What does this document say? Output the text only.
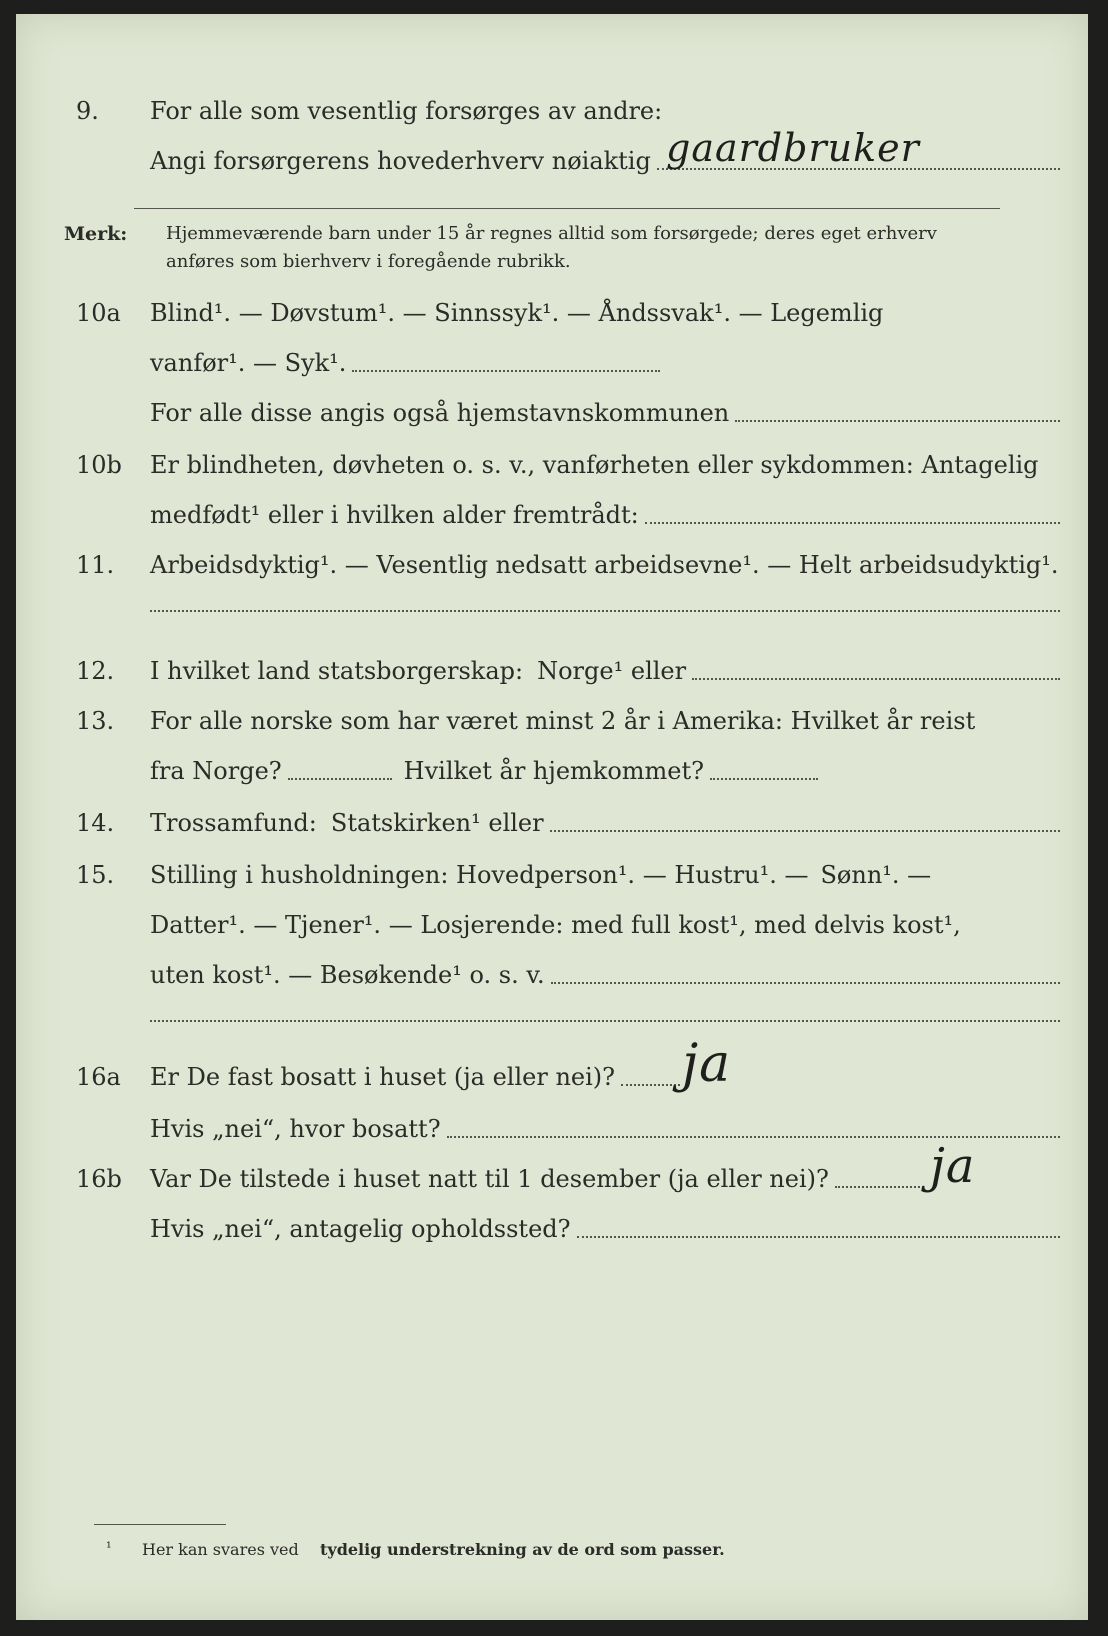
9. For alle som vesentlig forsørges av andre:
Angi forsørgerens hovederhverv nøiaktig gaardbruker
Merk: Hjemmeværende barn under 15 år regnes alltid som forsørgede; deres eget erhverv
anføres som bierhverv i foregående rubrikk.
10a Blind¹. — Døvstum¹. — Sinnssyk¹. — Åndssvak¹. — Legemlig
vanfør¹. — Syk¹.
For alle disse angis også hjemstavnskommunen
10b Er blindheten, døvheten o. s. v., vanførheten eller sykdommen: Antagelig
medfødt¹ eller i hvilken alder fremtrådt:
11. Arbeidsdyktig¹. — Vesentlig nedsatt arbeidsevne¹. — Helt arbeidsudyktig¹.
12. I hvilket land statsborgerskap: Norge ¹ eller
13. For alle norske som har været minst 2 år i Amerika: Hvilket år reist
fra Norge?	Hvilket år hjemkommet?
14. Trossamfund: Statskirken ¹ eller
15. Stilling i husholdningen: Hovedperson¹. — Hustru¹. — Sønn ¹. —
Datter¹. — Tjener¹. — Losjerende: med full kost¹, med delvis kost¹,
uten kost¹. — Besøkende¹ o. s. v.
16a Er De fast bosatt i huset (ja eller nei)? ja
Hvis „nei“, hvor bosatt?
16b Var De tilstede i huset natt til 1 desember (ja eller nei)? ja
Hvis „nei“, antagelig opholdssted?
¹ Her kan svares ved tydelig understrekning av de ord som passer.
